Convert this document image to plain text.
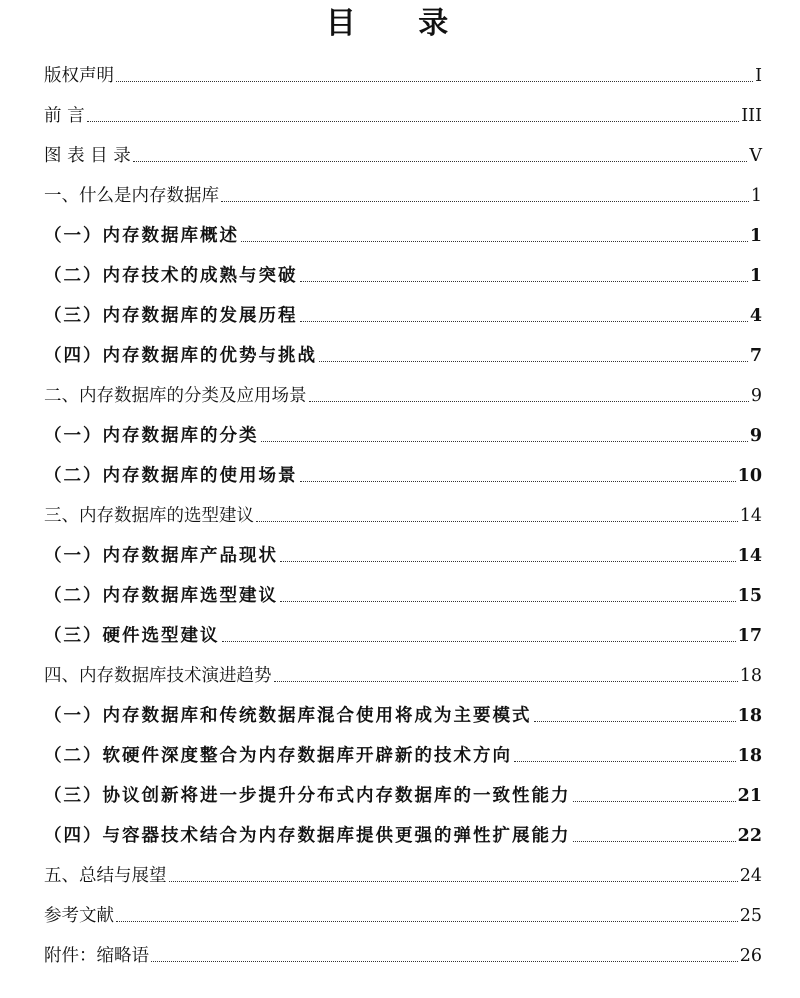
目 录
版权声明	I
前 言	III
图 表 目 录	V
一、什么是内存数据库	1
（一）内存数据库概述	1
（二）内存技术的成熟与突破	1
（三）内存数据库的发展历程	4
（四）内存数据库的优势与挑战	7
二、内存数据库的分类及应用场景	9
（一）内存数据库的分类	9
（二）内存数据库的使用场景	10
三、内存数据库的选型建议	14
（一）内存数据库产品现状	14
（二）内存数据库选型建议	15
（三）硬件选型建议	17
四、内存数据库技术演进趋势	18
（一）内存数据库和传统数据库混合使用将成为主要模式	18
（二）软硬件深度整合为内存数据库开辟新的技术方向	18
（三）协议创新将进一步提升分布式内存数据库的一致性能力	21
（四）与容器技术结合为内存数据库提供更强的弹性扩展能力	22
五、总结与展望	24
参考文献	25
附件：缩略语	26
